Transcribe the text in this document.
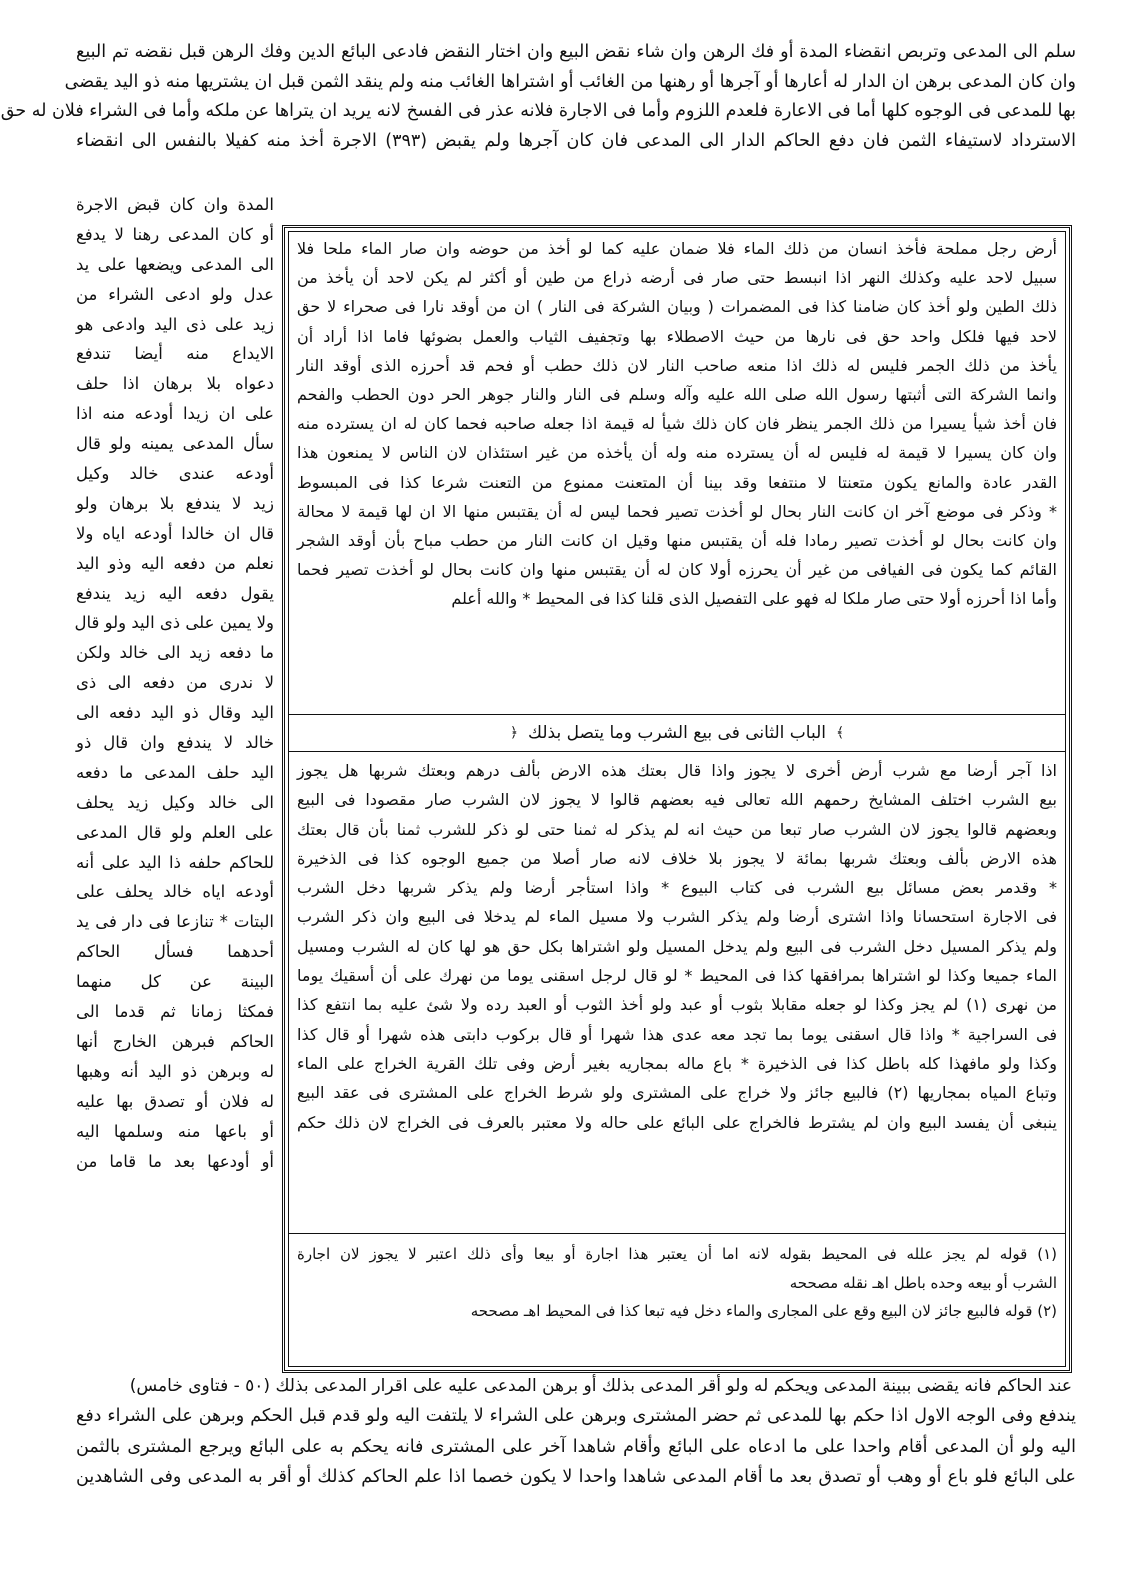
سلم الى المدعى وتربص انقضاء المدة أو فك الرهن وان شاء نقض البيع وان اختار النقض فادعى البائع الدين وفك الرهن قبل نقضه تم البيع
وان كان المدعى برهن ان الدار له أعارها أو آجرها أو رهنها من الغائب أو اشتراها الغائب منه ولم ينقد الثمن قبل ان يشتريها منه ذو اليد يقضى
بها للمدعى فى الوجوه كلها أما فى الاعارة فلعدم اللزوم وأما فى الاجارة فلانه عذر فى الفسخ لانه يريد ان يتراها عن ملكه وأما فى الشراء فلان له حق
الاسترداد لاستيفاء الثمن فان دفع الحاكم الدار الى المدعى فان كان آجرها ولم يقبض (٣٩٣) الاجرة أخذ منه كفيلا بالنفس الى انقضاء
المدة وان كان قبض الاجرة
أو كان المدعى رهنا لا يدفع
الى المدعى ويضعها على يد
عدل ولو ادعى الشراء من
زيد على ذى اليد وادعى هو
الايداع منه أيضا تندفع
دعواه بلا برهان اذا حلف
على ان زيدا أودعه منه اذا
سأل المدعى يمينه ولو قال
أودعه عندى خالد وكيل
زيد لا يندفع بلا برهان ولو
قال ان خالدا أودعه اياه ولا
نعلم من دفعه اليه وذو اليد
يقول دفعه اليه زيد يندفع
ولا يمين على ذى اليد ولو قال
ما دفعه زيد الى خالد ولكن
لا ندرى من دفعه الى ذى
اليد وقال ذو اليد دفعه الى
خالد لا يندفع وان قال ذو
اليد حلف المدعى ما دفعه
الى خالد وكيل زيد يحلف
على العلم ولو قال المدعى
للحاكم حلفه ذا اليد على أنه
أودعه اياه خالد يحلف على
البتات * تنازعا فى دار فى يد
أحدهما فسأل الحاكم
البينة عن كل منهما
فمكثا زمانا ثم قدما الى
الحاكم فبرهن الخارج أنها
له وبرهن ذو اليد أنه وهبها
له فلان أو تصدق بها عليه
أو باعها منه وسلمها اليه
أو أودعها بعد ما قاما من
أرض رجل مملحة فأخذ انسان من ذلك الماء فلا ضمان عليه كما لو أخذ من حوضه وان صار الماء ملحا فلا
سبيل لاحد عليه وكذلك النهر اذا انبسط حتى صار فى أرضه ذراع من طين أو أكثر لم يكن لاحد أن يأخذ من
ذلك الطين ولو أخذ كان ضامنا كذا فى المضمرات ( وبيان الشركة فى النار ) ان من أوقد نارا فى صحراء لا حق
لاحد فيها فلكل واحد حق فى نارها من حيث الاصطلاء بها وتجفيف الثياب والعمل بضوئها فاما اذا أراد أن
يأخذ من ذلك الجمر فليس له ذلك اذا منعه صاحب النار لان ذلك حطب أو فحم قد أحرزه الذى أوقد النار
وانما الشركة التى أثبتها رسول الله صلى الله عليه وآله وسلم فى النار والنار جوهر الحر دون الحطب والفحم
فان أخذ شيأ يسيرا من ذلك الجمر ينظر فان كان ذلك شيأ له قيمة اذا جعله صاحبه فحما كان له ان يسترده منه
وان كان يسيرا لا قيمة له فليس له أن يسترده منه وله أن يأخذه من غير استئذان لان الناس لا يمنعون هذا
القدر عادة والمانع يكون متعنتا لا منتفعا وقد بينا أن المتعنت ممنوع من التعنت شرعا كذا فى المبسوط
* وذكر فى موضع آخر ان كانت النار بحال لو أخذت تصير فحما ليس له أن يقتبس منها الا ان لها قيمة لا محالة
وان كانت بحال لو أخذت تصير رمادا فله أن يقتبس منها وقيل ان كانت النار من حطب مباح بأن أوقد الشجر
القائم كما يكون فى الفيافى من غير أن يحرزه أولا كان له أن يقتبس منها وان كانت بحال لو أخذت تصير فحما
وأما اذا أحرزه أولا حتى صار ملكا له فهو على التفصيل الذى قلنا كذا فى المحيط * والله أعلم
﴾
الباب الثانى فى بيع الشرب وما يتصل بذلك
﴿
اذا آجر أرضا مع شرب أرض أخرى لا يجوز واذا قال بعتك هذه الارض بألف درهم وبعتك شربها هل يجوز
بيع الشرب اختلف المشايخ رحمهم الله تعالى فيه بعضهم قالوا لا يجوز لان الشرب صار مقصودا فى البيع
وبعضهم قالوا يجوز لان الشرب صار تبعا من حيث انه لم يذكر له ثمنا حتى لو ذكر للشرب ثمنا بأن قال بعتك
هذه الارض بألف وبعتك شربها بمائة لا يجوز بلا خلاف لانه صار أصلا من جميع الوجوه كذا فى الذخيرة
* وقدمر بعض مسائل بيع الشرب فى كتاب البيوع * واذا استأجر أرضا ولم يذكر شربها دخل الشرب
فى الاجارة استحسانا واذا اشترى أرضا ولم يذكر الشرب ولا مسيل الماء لم يدخلا فى البيع وان ذكر الشرب
ولم يذكر المسيل دخل الشرب فى البيع ولم يدخل المسيل ولو اشتراها بكل حق هو لها كان له الشرب ومسيل
الماء جميعا وكذا لو اشتراها بمرافقها كذا فى المحيط * لو قال لرجل اسقنى يوما من نهرك على أن أسقيك يوما
من نهرى (١) لم يجز وكذا لو جعله مقابلا بثوب أو عبد ولو أخذ الثوب أو العبد رده ولا شئ عليه بما انتفع كذا
فى السراجية * واذا قال اسقنى يوما بما تجد معه عدى هذا شهرا أو قال بركوب دابتى هذه شهرا أو قال كذا
وكذا ولو مافهذا كله باطل كذا فى الذخيرة * باع ماله بمجاريه بغير أرض وفى تلك القرية الخراج على الماء
وتباع المياه بمجاريها (٢) فالبيع جائز ولا خراج على المشترى ولو شرط الخراج على المشترى فى عقد البيع
ينبغى أن يفسد البيع وان لم يشترط فالخراج على البائع على حاله ولا معتبر بالعرف فى الخراج لان ذلك حكم
(١) قوله لم يجز علله فى المحيط بقوله لانه اما أن يعتبر هذا اجارة أو بيعا وأى ذلك اعتبر لا يجوز لان اجارة
الشرب أو بيعه وحده باطل اهـ نقله مصححه
(٢) قوله فالبيع جائز لان البيع وقع على المجارى والماء دخل فيه تبعا كذا فى المحيط اهـ مصححه
عند الحاكم فانه يقضى ببينة المدعى ويحكم له ولو أقر المدعى بذلك أو برهن المدعى عليه على اقرار المدعى بذلك (٥٠ - فتاوى خامس)
يندفع وفى الوجه الاول اذا حكم بها للمدعى ثم حضر المشترى وبرهن على الشراء لا يلتفت اليه ولو قدم قبل الحكم وبرهن على الشراء دفع
اليه ولو أن المدعى أقام واحدا على ما ادعاه على البائع وأقام شاهدا آخر على المشترى فانه يحكم به على البائع ويرجع المشترى بالثمن
على البائع فلو باع أو وهب أو تصدق بعد ما أقام المدعى شاهدا واحدا لا يكون خصما اذا علم الحاكم كذلك أو أقر به المدعى وفى الشاهدين
